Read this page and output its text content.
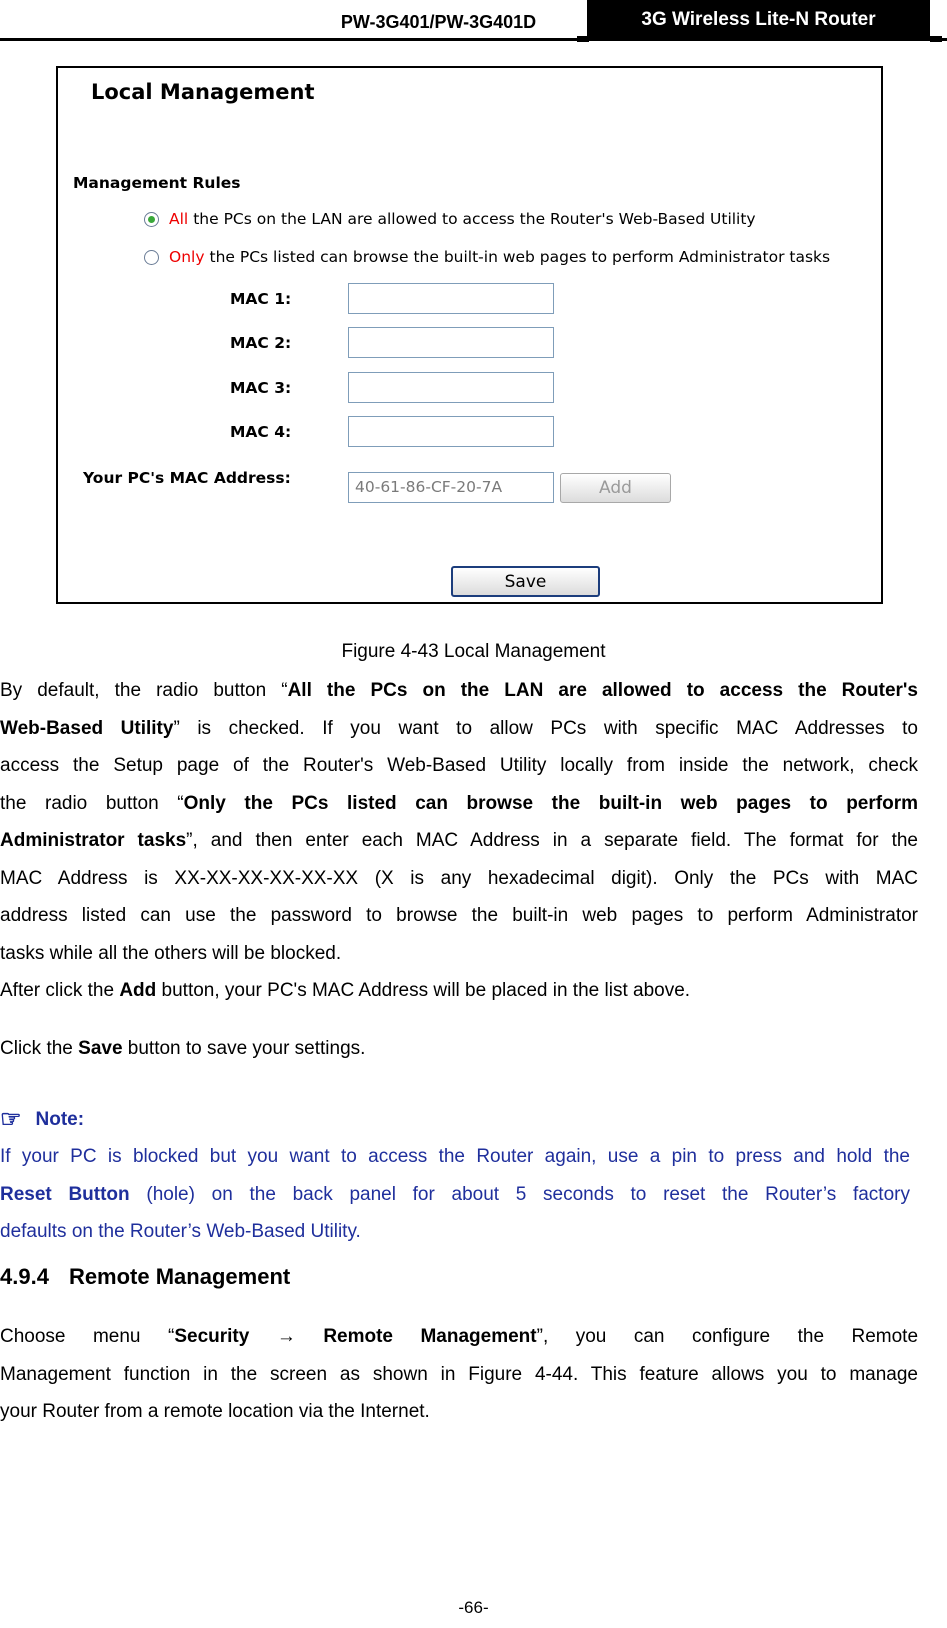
PW-3G401/PW-3G401D	3G Wireless Lite-N Router
Local Management
Management Rules
All the PCs on the LAN are allowed to access the Router's Web-Based Utility
Only the PCs listed can browse the built-in web pages to perform Administrator tasks
MAC 1:
MAC 2:
MAC 3:
MAC 4:
Your PC's MAC Address:	40-61-86-CF-20-7A	Add
Save
Figure 4-43 Local Management
By default, the radio button “All the PCs on the LAN are allowed to access the Router's
Web-Based Utility” is checked. If you want to allow PCs with specific MAC Addresses to
access the Setup page of the Router's Web-Based Utility locally from inside the network, check
the radio button “Only the PCs listed can browse the built-in web pages to perform
Administrator tasks”, and then enter each MAC Address in a separate field. The format for the
MAC Address is XX-XX-XX-XX-XX-XX (X is any hexadecimal digit). Only the PCs with MAC
address listed can use the password to browse the built-in web pages to perform Administrator
tasks while all the others will be blocked.
After click the Add button, your PC's MAC Address will be placed in the list above.
Click the Save button to save your settings.
☞ Note:
If your PC is blocked but you want to access the Router again, use a pin to press and hold the
Reset Button (hole) on the back panel for about 5 seconds to reset the Router’s factory
defaults on the Router’s Web-Based Utility.
4.9.4 Remote Management
Choose menu “Security → Remote Management”, you can configure the Remote
Management function in the screen as shown in Figure 4-44. This feature allows you to manage
your Router from a remote location via the Internet.
-66-
